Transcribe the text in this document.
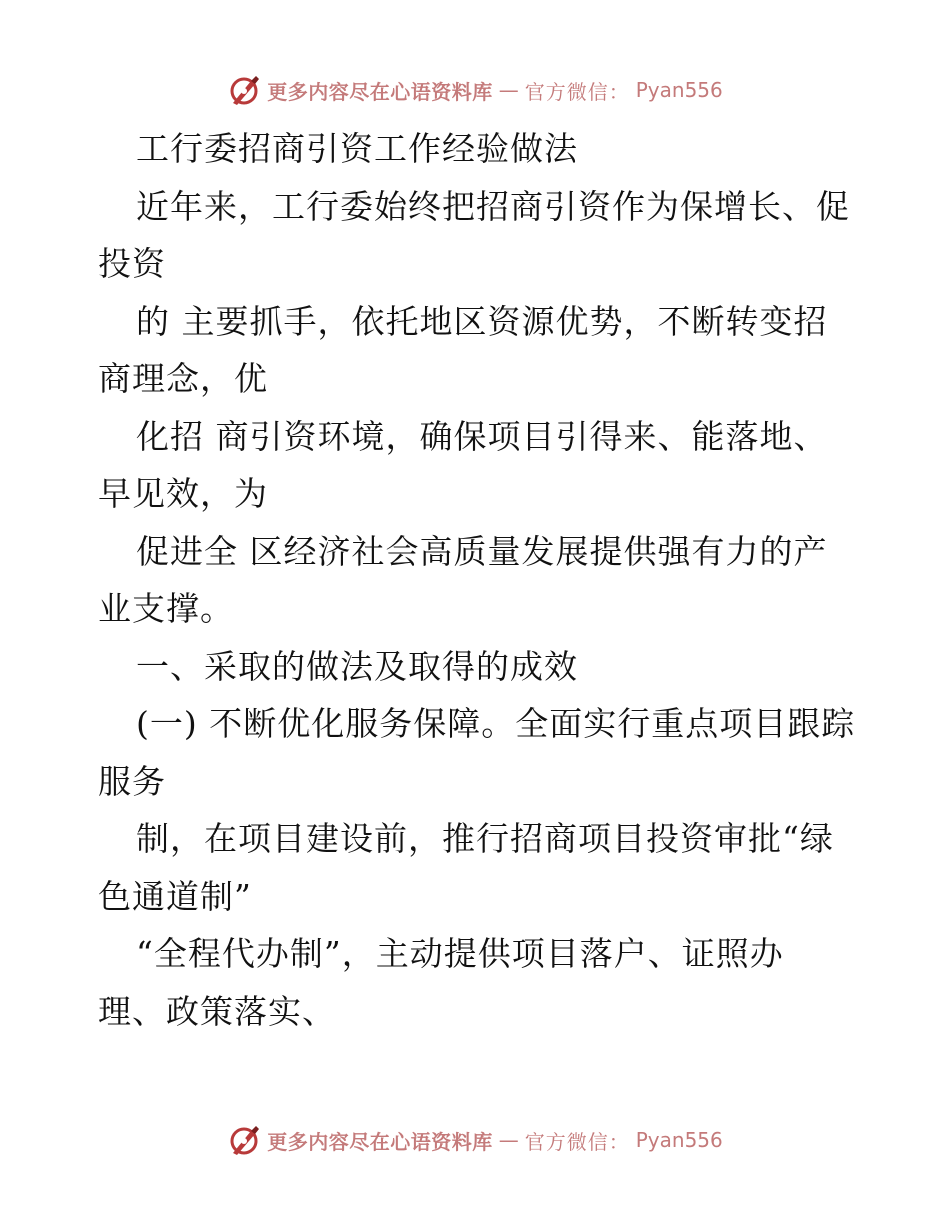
更多内容尽在心语资料库 — 官方微信： Pyan556
工行委招商引资工作经验做法
近年来，工行委始终把招商引资作为保增长、促
投资
的 主要抓手，依托地区资源优势，不断转变招
商理念，优
化招 商引资环境，确保项目引得来、能落地、
早见效，为
促进全 区经济社会高质量发展提供强有力的产
业支撑。
一、采取的做法及取得的成效
(一) 不断优化服务保障。全面实行重点项目跟踪
服务
制，在项目建设前，推行招商项目投资审批“绿
色通道制”
“全程代办制”，主动提供项目落户、证照办
理、政策落实、
更多内容尽在心语资料库 — 官方微信： Pyan556
